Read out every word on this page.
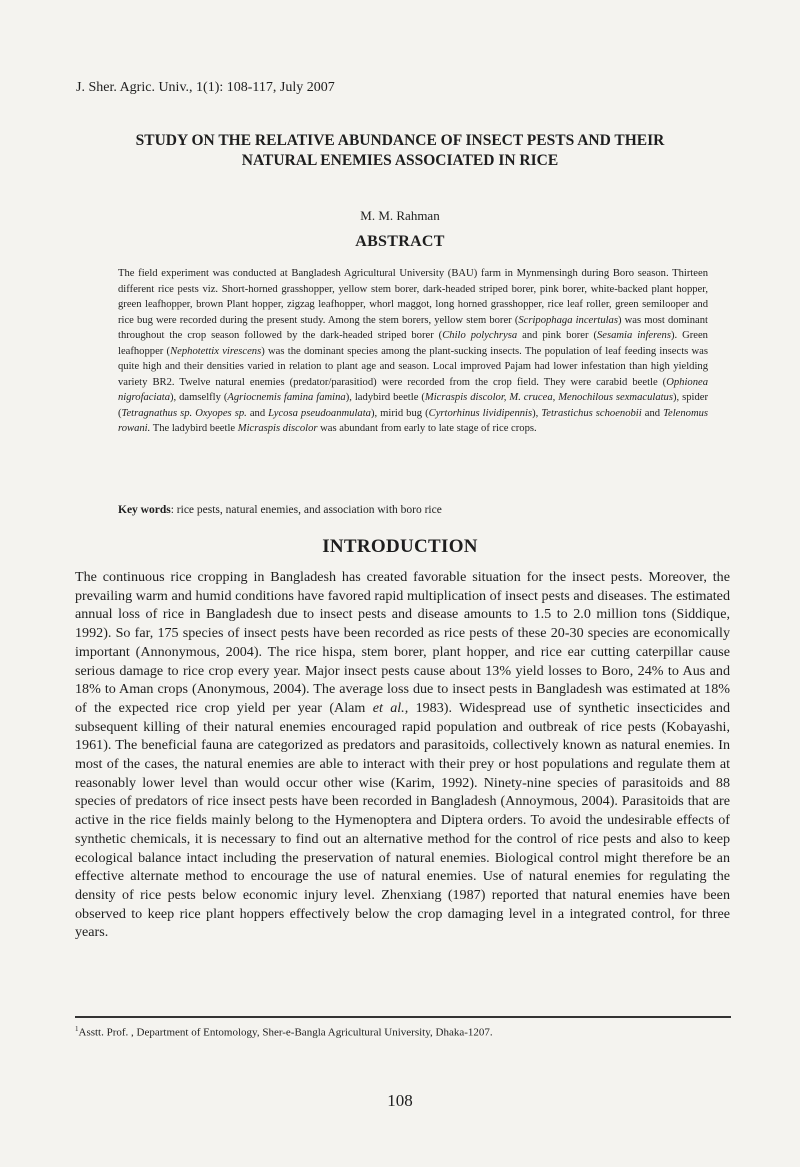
J. Sher. Agric. Univ., 1(1): 108-117, July 2007
STUDY ON THE RELATIVE ABUNDANCE OF INSECT PESTS AND THEIR
NATURAL ENEMIES ASSOCIATED IN RICE
M. M. Rahman
ABSTRACT

The field experiment was conducted at Bangladesh Agricultural University (BAU) farm in Mynmensingh during Boro season. Thirteen different rice pests viz. Short-horned grasshopper, yellow stem borer, dark-headed striped borer, pink borer, white-backed plant hopper, green leafhopper, brown Plant hopper, zigzag leafhopper, whorl maggot, long horned grasshopper, rice leaf roller, green semilooper and rice bug were recorded during the present study. Among the stem borers, yellow stem borer (Scripophaga incertulas) was most dominant throughout the crop season followed by the dark-headed striped borer (Chilo polychrysa and pink borer (Sesamia inferens). Green leafhopper (Nephotettix virescens) was the dominant species among the plant-sucking insects. The population of leaf feeding insects was quite high and their densities varied in relation to plant age and season. Local improved Pajam had lower infestation than high yielding variety BR2. Twelve natural enemies (predator/parasitiod) were recorded from the crop field. They were carabid beetle (Ophionea nigrofaciata), damselfly (Agriocnemis famina famina), ladybird beetle (Micraspis discolor, M. crucea, Menochilous sexmaculatus), spider (Tetragnathus sp. Oxyopes sp. and Lycosa pseudoanmulata), mirid bug (Cyrtorhinus lividipennis), Tetrastichus schoenobii and Telenomus rowani. The ladybird beetle Micraspis discolor was abundant from early to late stage of rice crops.

Key words: rice pests, natural enemies, and association with boro rice
INTRODUCTION

The continuous rice cropping in Bangladesh has created favorable situation for the insect pests. Moreover, the prevailing warm and humid conditions have favored rapid multiplication of insect pests and diseases. The estimated annual loss of rice in Bangladesh due to insect pests and disease amounts to 1.5 to 2.0 million tons (Siddique, 1992). So far, 175 species of insect pests have been recorded as rice pests of these 20-30 species are economically important (Annonymous, 2004). The rice hispa, stem borer, plant hopper, and rice ear cutting caterpillar cause serious damage to rice crop every year. Major insect pests cause about 13% yield losses to Boro, 24% to Aus and 18% to Aman crops (Anonymous, 2004). The average loss due to insect pests in Bangladesh was estimated at 18% of the expected rice crop yield per year (Alam et al., 1983). Widespread use of synthetic insecticides and subsequent killing of their natural enemies encouraged rapid population and outbreak of rice pests (Kobayashi, 1961). The beneficial fauna are categorized as predators and parasitoids, collectively known as natural enemies. In most of the cases, the natural enemies are able to interact with their prey or host populations and regulate them at reasonably lower level than would occur other wise (Karim, 1992). Ninety-nine species of parasitoids and 88 species of predators of rice insect pests have been recorded in Bangladesh (Annoymous, 2004). Parasitoids that are active in the rice fields mainly belong to the Hymenoptera and Diptera orders. To avoid the undesirable effects of synthetic chemicals, it is necessary to find out an alternative method for the control of rice pests and also to keep ecological balance intact including the preservation of natural enemies. Biological control might therefore be an effective alternate method to encourage the use of natural enemies. Use of natural enemies for regulating the density of rice pests below economic injury level. Zhenxiang (1987) reported that natural enemies have been observed to keep rice plant hoppers effectively below the crop damaging level in a integrated control, for three years.

$^1$Asstt. Prof. , Department of Entomology, Sher-e-Bangla Agricultural University, Dhaka-1207.
108
